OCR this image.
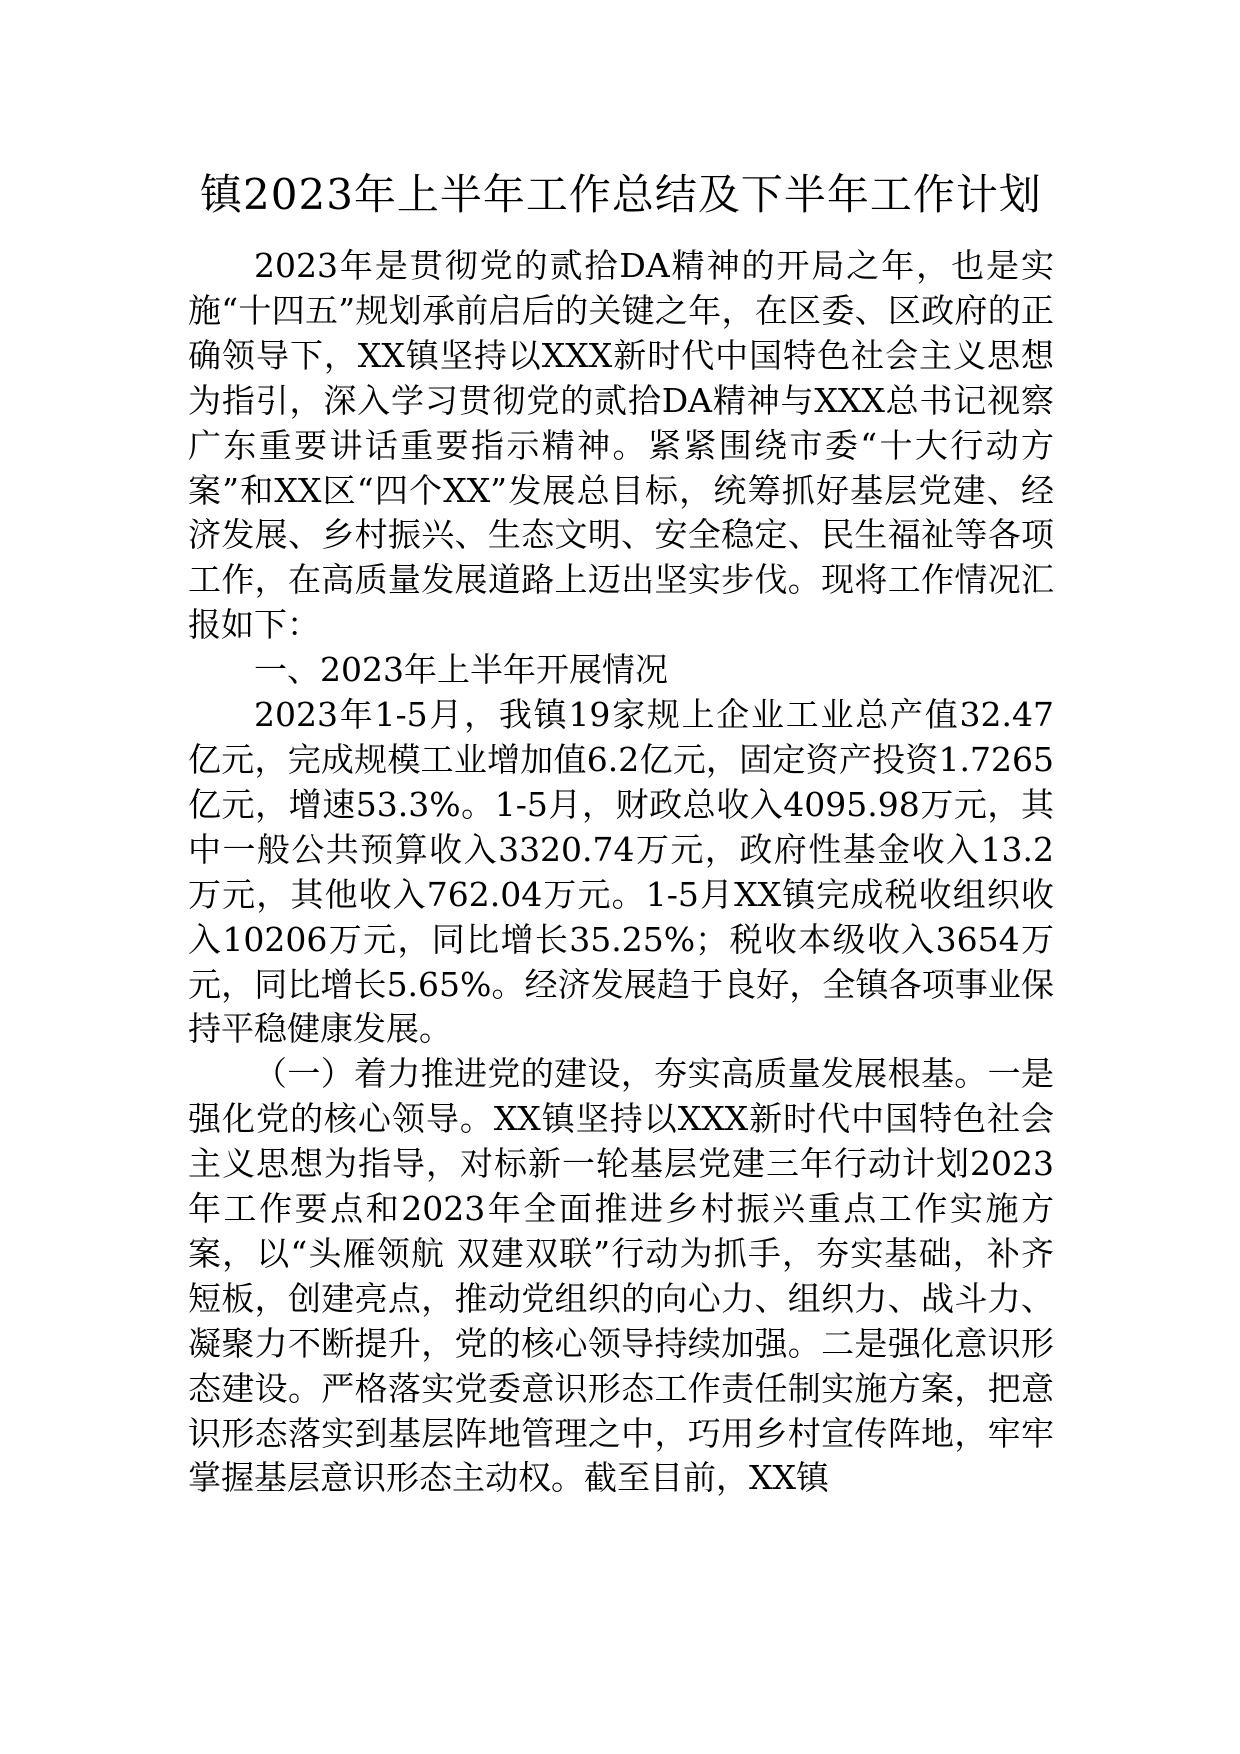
镇2023年上半年工作总结及下半年工作计划

2023年是贯彻党的贰拾DA精神的开局之年，也是实施“十四五”规划承前启后的关键之年，在区委、区政府的正确领导下，XX镇坚持以XXX新时代中国特色社会主义思想为指引，深入学习贯彻党的贰拾DA精神与XXX总书记视察广东重要讲话重要指示精神。紧紧围绕市委“十大行动方案”和XX区“四个XX”发展总目标，统筹抓好基层党建、经济发展、乡村振兴、生态文明、安全稳定、民生福祉等各项工作，在高质量发展道路上迈出坚实步伐。现将工作情况汇报如下：

一、2023年上半年开展情况

2023年1-5月，我镇19家规上企业工业总产值32.47亿元，完成规模工业增加值6.2亿元，固定资产投资1.7265亿元，增速53.3%。1-5月，财政总收入4095.98万元，其中一般公共预算收入3320.74万元，政府性基金收入13.2万元，其他收入762.04万元。1-5月XX镇完成税收组织收入10206万元，同比增长35.25%；税收本级收入3654万元，同比增长5.65%。经济发展趋于良好，全镇各项事业保持平稳健康发展。

（一）着力推进党的建设，夯实高质量发展根基。一是强化党的核心领导。XX镇坚持以XXX新时代中国特色社会主义思想为指导，对标新一轮基层党建三年行动计划2023年工作要点和2023年全面推进乡村振兴重点工作实施方案，以“头雁领航 双建双联”行动为抓手，夯实基础，补齐短板，创建亮点，推动党组织的向心力、组织力、战斗力、凝聚力不断提升，党的核心领导持续加强。二是强化意识形态建设。严格落实党委意识形态工作责任制实施方案，把意识形态落实到基层阵地管理之中，巧用乡村宣传阵地，牢牢掌握基层意识形态主动权。截至目前，XX镇
